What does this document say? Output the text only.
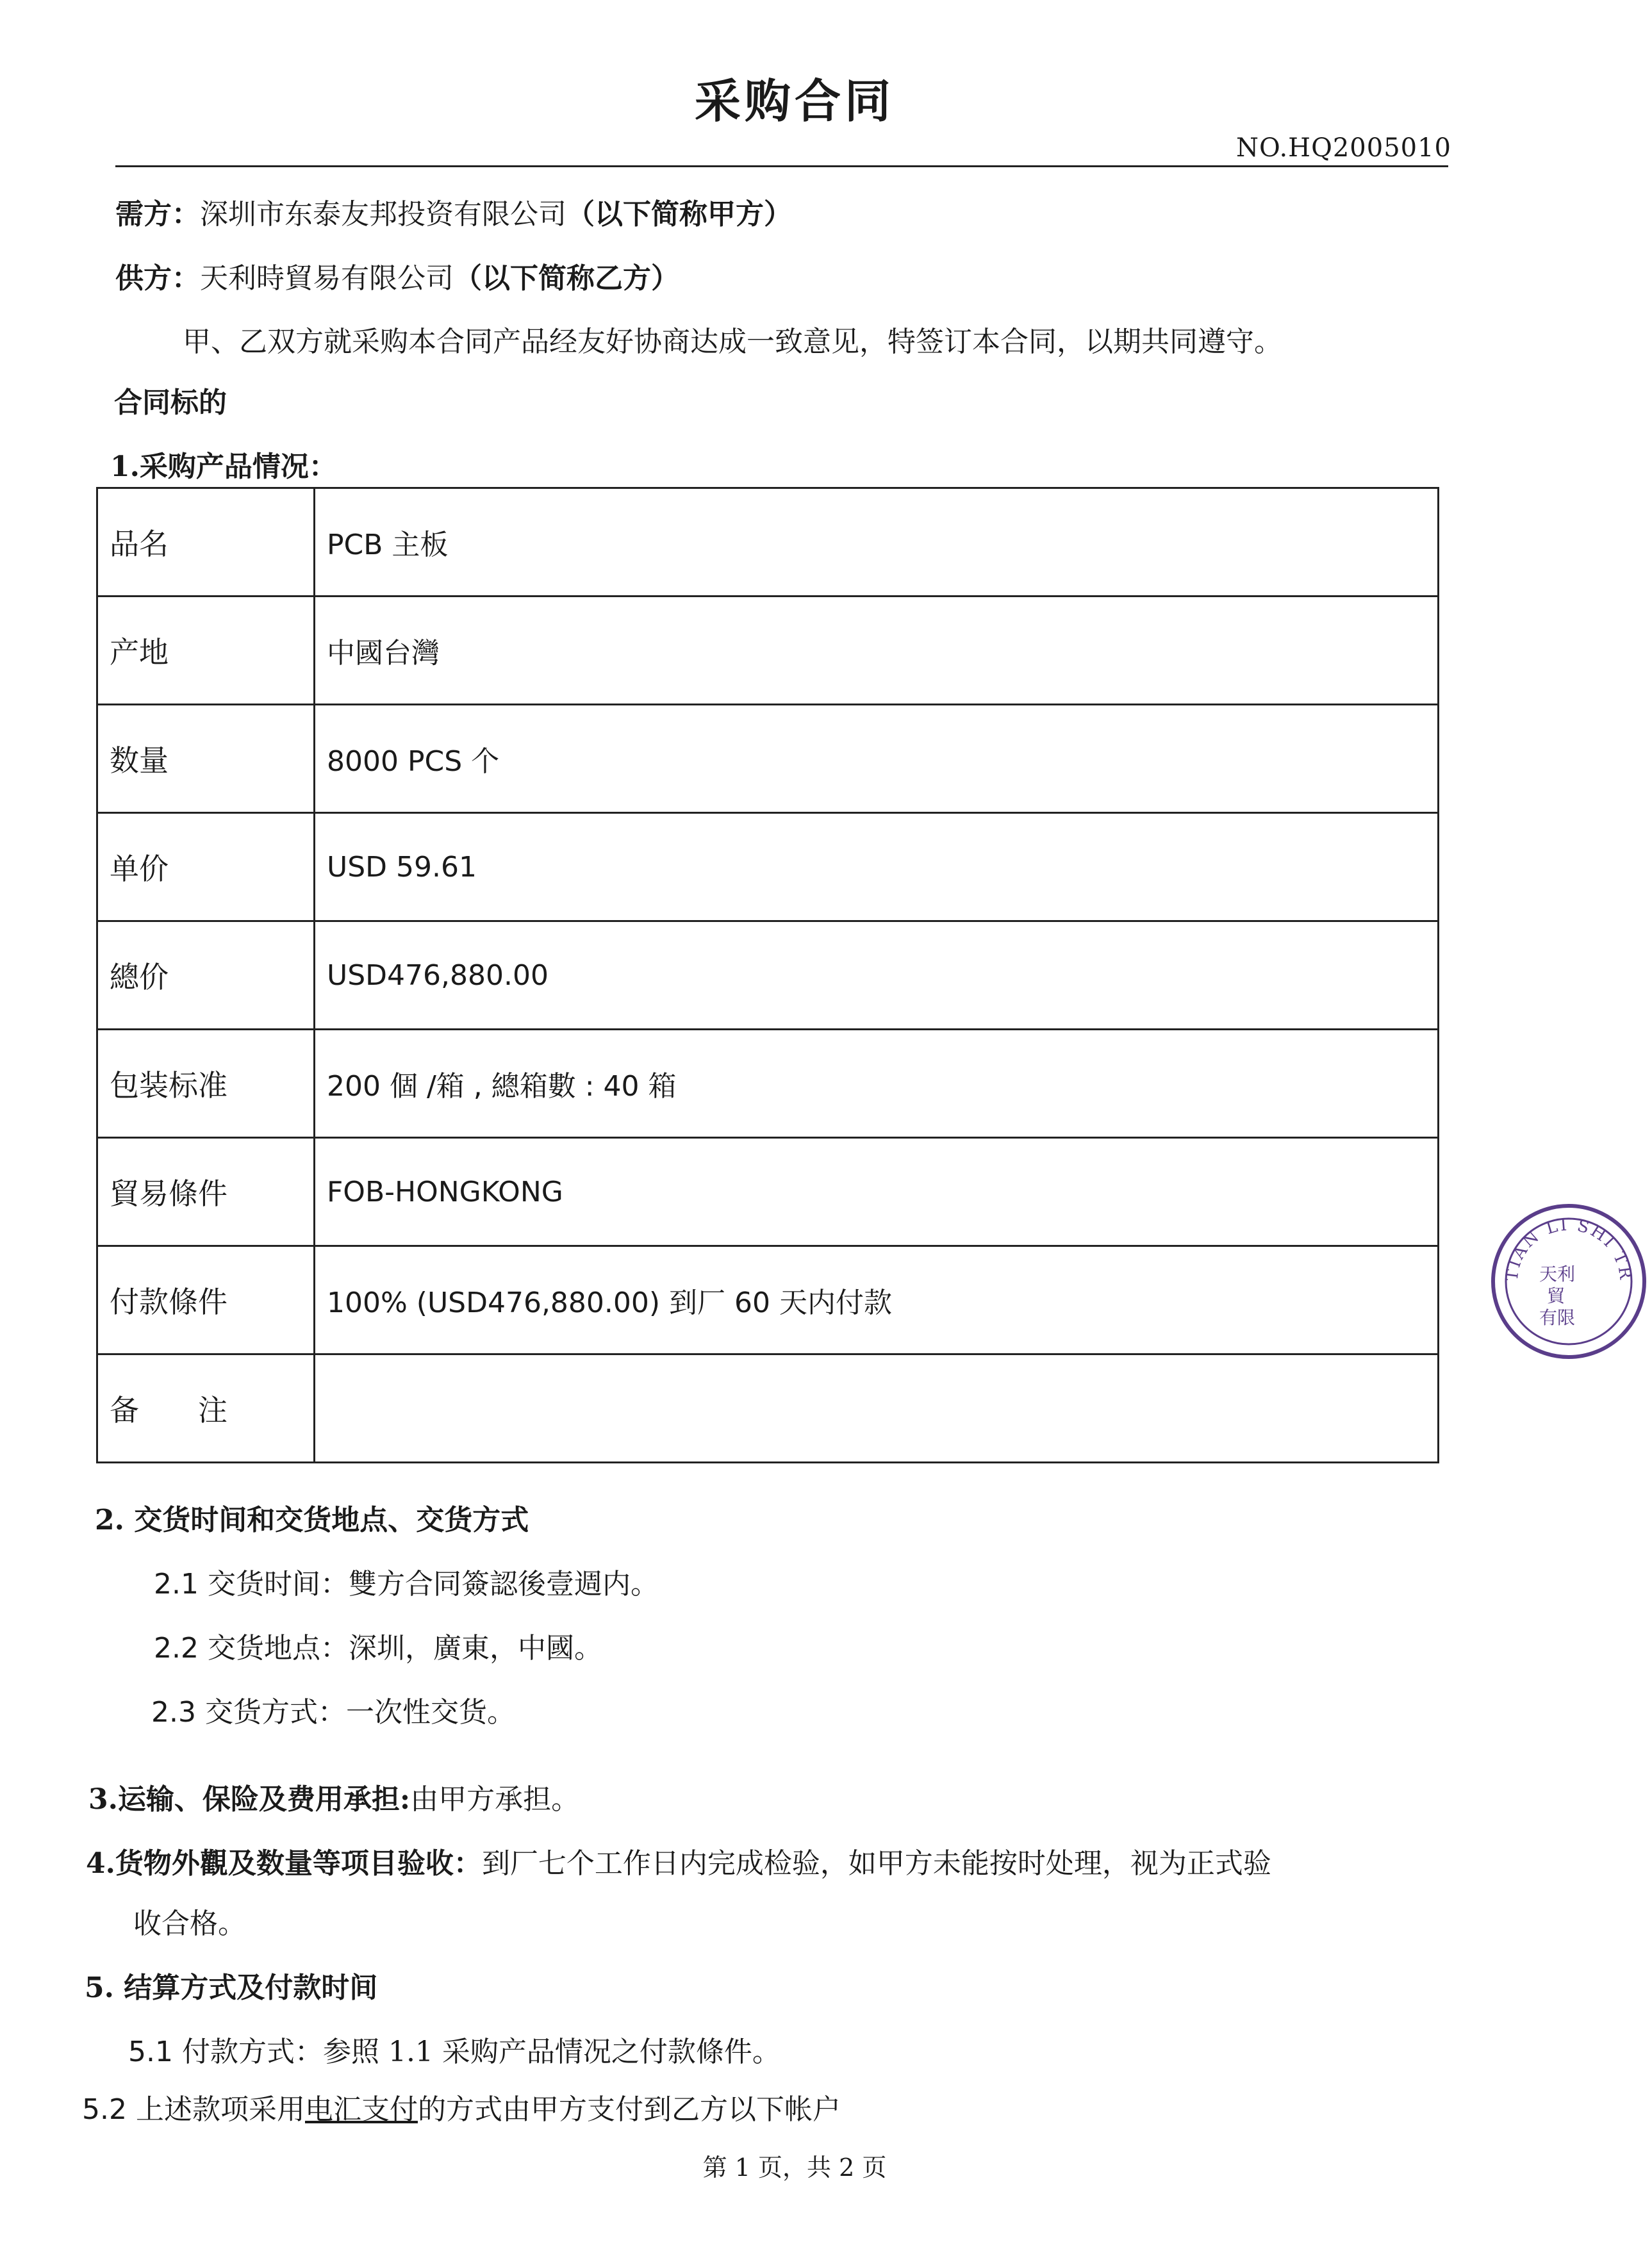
采购合同
NO.HQ2005010
需方：深圳市东泰友邦投资有限公司（以下简称甲方）
供方：天利時貿易有限公司（以下简称乙方）
甲、乙双方就采购本合同产品经友好协商达成一致意见，特签订本合同，以期共同遵守。
合同标的
1.采购产品情况：
品名	PCB 主板
产地	中國台灣
数量	8000 PCS 个
单价	USD 59.61
總价	USD476,880.00
包装标准	200 個 /箱 , 總箱數 : 40 箱
貿易條件	FOB-HONGKONG
付款條件	100% (USD476,880.00) 到厂 60 天内付款
备　　注	
2. 交货时间和交货地点、交货方式
2.1 交货时间：雙方合同簽認後壹週内。
2.2 交货地点：深圳，廣東，中國。
2.3 交货方式：一次性交货。
3.运输、保险及费用承担:由甲方承担。
4.货物外觀及数量等项目验收：到厂七个工作日内完成检验，如甲方未能按时处理，视为正式验
收合格。
5. 结算方式及付款时间
5.1 付款方式：参照 1.1 采购产品情况之付款條件。
5.2 上述款项采用电汇支付的方式由甲方支付到乙方以下帐户
第 1 页，共 2 页
TIAN LI SHI TR
天利
貿
有限
